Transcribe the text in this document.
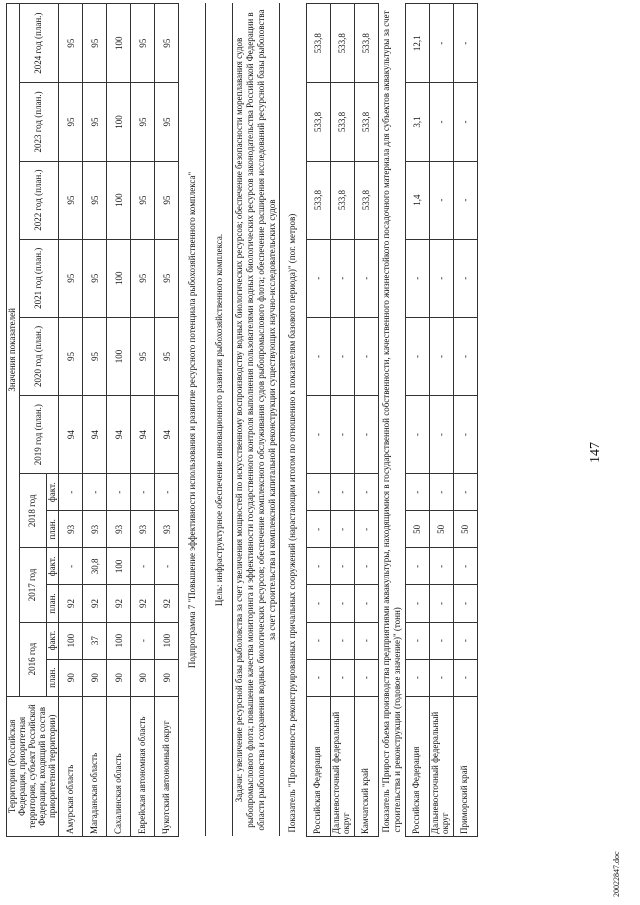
Территория (Российская Федерация, приоритетная территория, субъект Российской Федерации, входящий в состав приоритетной территории)	Значения показателей											
	2016 год		2017 год		2018 год		2019 год (план.)	2020 год (план.)	2021 год (план.)	2022 год (план.)	2023 год (план.)	2024 год (план.)
	план.	факт.	план.	факт.	план.	факт.						
Амурская область	90	100	92	-	93	-	94	95	95	95	95	95
Магаданская область	90	37	92	30,8	93	-	94	95	95	95	95	95
Сахалинская область	90	100	92	100	93	-	94	100	100	100	100	100
Еврейская автономная область	90	-	92	-	93	-	94	95	95	95	95	95
Чукотский автономный округ	90	100	92	-	93	-	94	95	95	95	95	95
Подпрограмма 7 "Повышение эффективности использования и развитие ресурсного потенциала рыбохозяйственного комплекса"												
Цель: инфраструктурное обеспечение инновационного развития рыбохозяйственного комплекса.												
Задачи: увеличение ресурсной базы рыболовства за счет увеличения мощностей по искусственному воспроизводству водных биологических ресурсов; обеспечение безопасности мореплавания судов рыбопромыслового флота; повышение качества мониторинга и эффективности государственного контроля выполнения пользователями водных биологических ресурсов законодательства Российской Федерации в области рыболовства и сохранения водных биологических ресурсов; обеспечение комплексного обслуживания судов рыбопромыслового флота; обеспечение расширения исследований ресурсной базы рыболовства за счет строительства и комплексной капитальной реконструкции существующих научно-исследовательских судов												
Показатель "Протяженность реконструированных причальных сооружений (нарастающим итогом по отношению к показателям базового периода)" (пог. метров)												
Российская Федерация	-	-	-	-	-	-	-	-	-	533,8	533,8	533,8
Дальневосточный федеральный округ	-	-	-	-	-	-	-	-	-	533,8	533,8	533,8
Камчатский край	-	-	-	-	-	-	-	-	-	533,8	533,8	533,8
Показатель "Прирост объема производства предприятиями аквакультуры, находящимися в государственной собственности, качественного жизнестойкого посадочного материала для субъектов аквакультуры за счет строительства и реконструкции (годовое значение)" (тонн)												
Российская Федерация	-	-	-	-	50	-	-	-	-	1,4	3,1	12,1
Дальневосточный федеральный округ	-	-	-	-	50	-	-	-	-	-	-	-
Приморский край	-	-	-	-	50	-	-	-	-	-	-	-
147
20022847.doc
